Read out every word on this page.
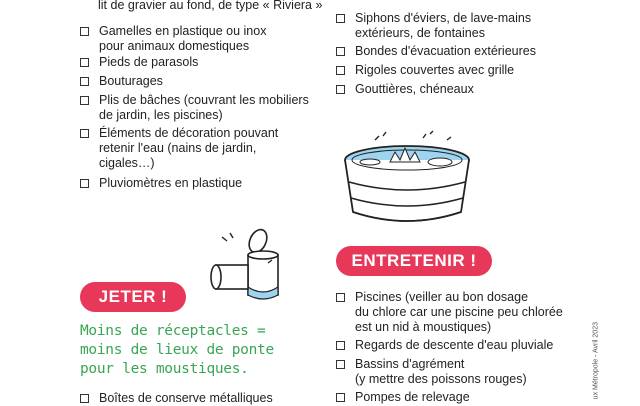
lit de gravier au fond, de type « Riviera »
Gamelles en plastique ou inox
pour animaux domestiques
Pieds de parasols
Bouturages
Plis de bâches (couvrant les mobiliers
de jardin, les piscines)
Éléments de décoration pouvant
retenir l'eau (nains de jardin,
cigales…)
Pluviomètres en plastique
Siphons d'éviers, de lave-mains
extérieurs, de fontaines
Bondes d'évacuation extérieures
Rigoles couvertes avec grille
Gouttières, chéneaux
JETER !
Moins de réceptacles =
moins de lieux de ponte
pour les moustiques.
Boîtes de conserve métalliques
ENTRETENIR !
Piscines (veiller au bon dosage
du chlore car une piscine peu chlorée
est un nid à moustiques)
Regards de descente d'eau pluviale
Bassins d'agrément
(y mettre des poissons rouges)
Pompes de relevage	ux Métropole - Avril 2023
